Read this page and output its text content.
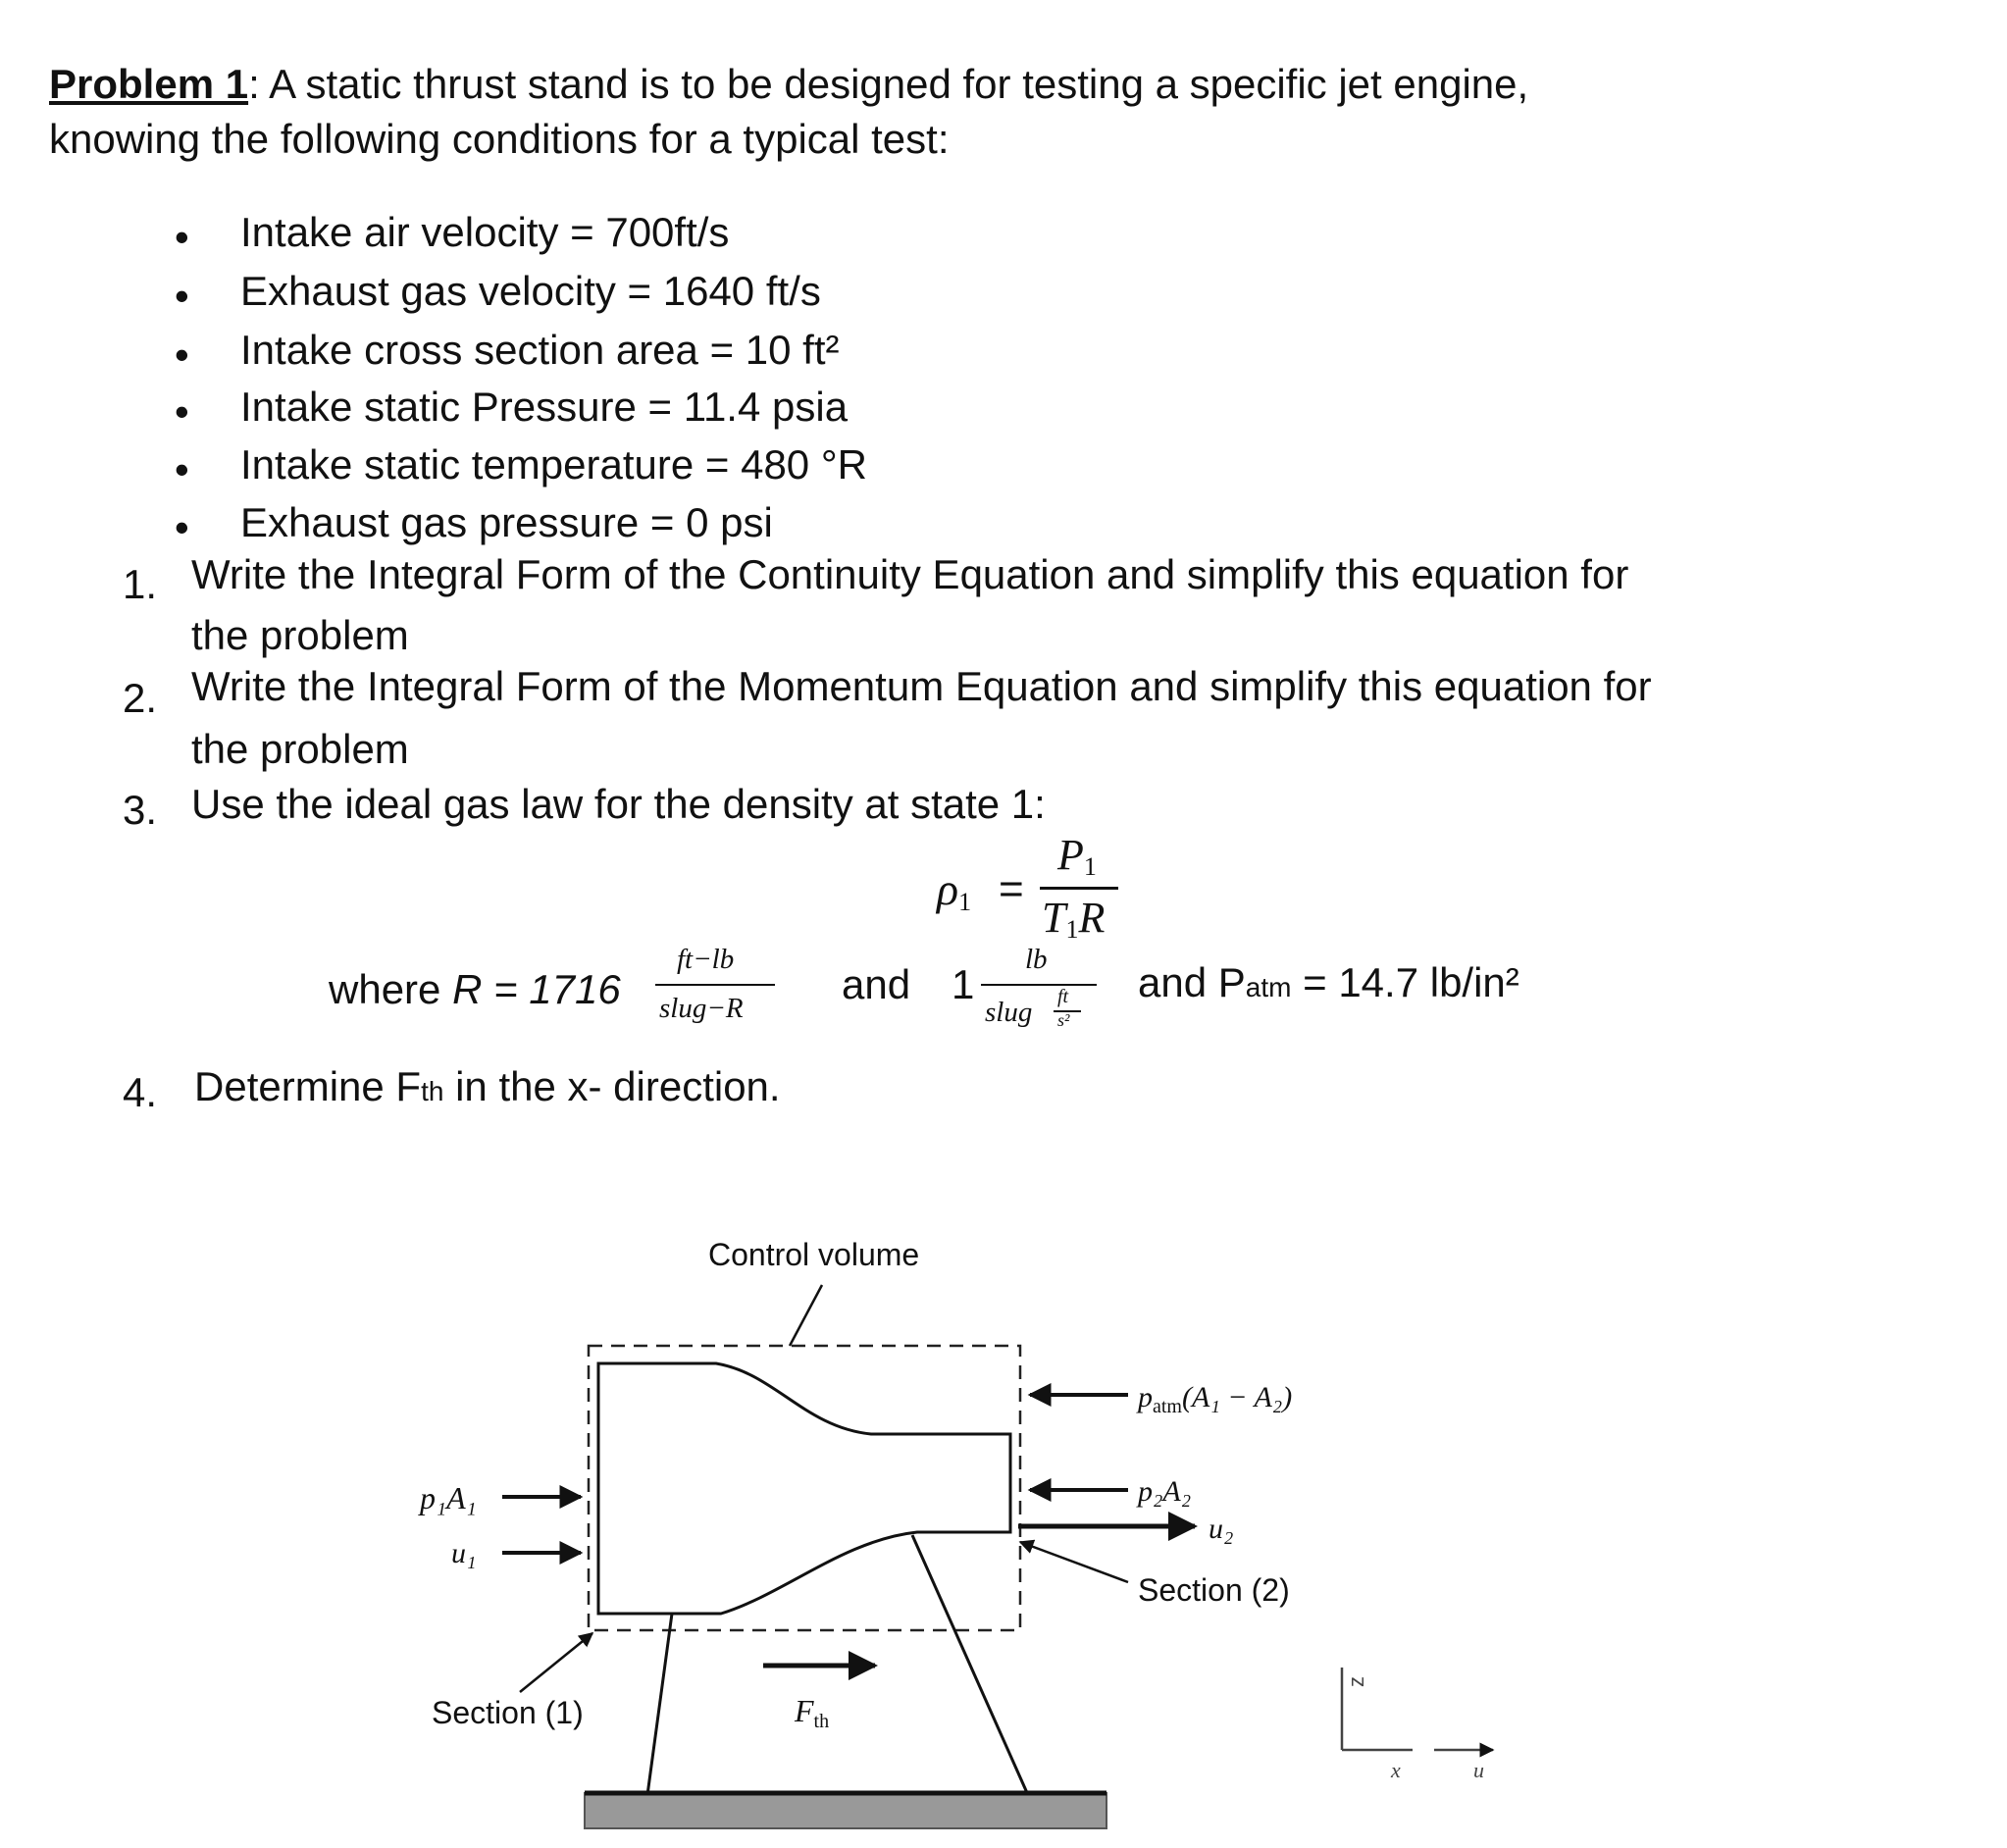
Problem 1: A static thrust stand is to be designed for testing a specific jet engine,
knowing the following conditions for a typical test:
• Intake air velocity = 700ft/s
• Exhaust gas velocity = 1640 ft/s
• Intake cross section area = 10 ft²
• Intake static Pressure = 11.4 psia
• Intake static temperature = 480 °R
• Exhaust gas pressure = 0 psi
1. Write the Integral Form of the Continuity Equation and simplify this equation for
the problem
2. Write the Integral Form of the Momentum Equation and simplify this equation for
the problem
3. Use the ideal gas law for the density at state 1:
$\rho_1$ =
$P_1$
$T_1R$
where R = 1716
ft−lb
slug−R
and 1
lb
slug ft
s²
and Patm = 14.7 lb/in²
4. Determine Fth in the x- direction.
Control volume
p₁A₁
u₁
$p_{atm}(A_1 - A_2)$
p₂A₂
u₂
Section (2)
Section (1)	Fth
z
x	u
